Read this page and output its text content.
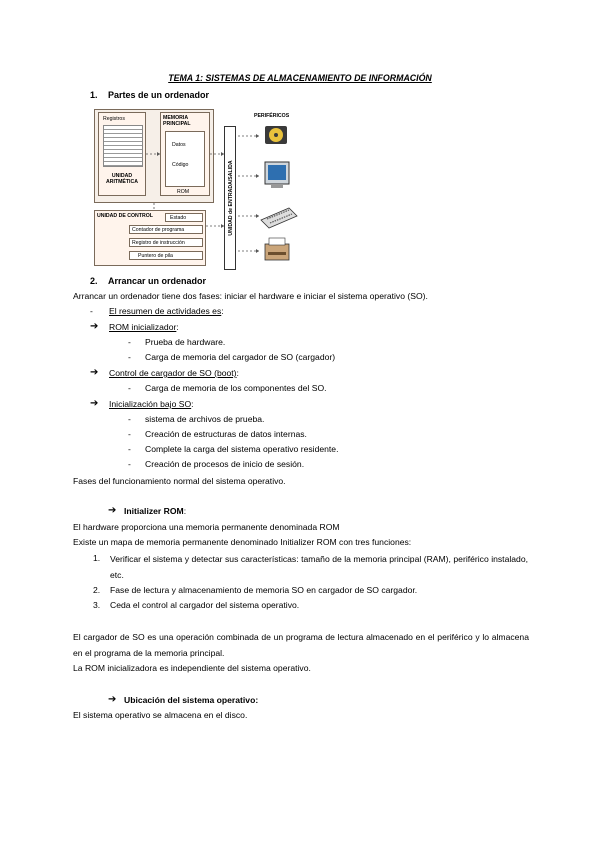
TEMA 1: SISTEMAS DE ALMACENAMIENTO DE INFORMACIÓN
1. Partes de un ordenador
Registros
UNIDAD ARITMÉTICA
MEMORIA PRINCIPAL
Datos
Código
ROM
UNIDAD DE CONTROL	Estado
Contador de programa
Registro de instrucción
Puntero de pila
UNIDAD de ENTRADA/SALIDA
PERIFÉRICOS
2. Arrancar un ordenador
Arrancar un ordenador tiene dos fases: iniciar el hardware e iniciar el sistema operativo (SO).
- El resumen de actividades es:
➔ ROM inicializador:
- Prueba de hardware.
- Carga de memoria del cargador de SO (cargador)
➔ Control de cargador de SO (boot):
- Carga de memoria de los componentes del SO.
➔ Inicialización bajo SO:
- sistema de archivos de prueba.
- Creación de estructuras de datos internas.
- Complete la carga del sistema operativo residente.
- Creación de procesos de inicio de sesión.
Fases del funcionamiento normal del sistema operativo.
➔ Initializer ROM:
El hardware proporciona una memoria permanente denominada ROM
Existe un mapa de memoria permanente denominado Initializer ROM con tres funciones:
1. Verificar el sistema y detectar sus características: tamaño de la memoria principal (RAM), periférico instalado, etc.
2. Fase de lectura y almacenamiento de memoria SO en cargador de SO cargador.
3. Ceda el control al cargador del sistema operativo.
El cargador de SO es una operación combinada de un programa de lectura almacenado en el periférico y lo almacena en el programa de la memoria principal.
La ROM inicializadora es independiente del sistema operativo.
➔ Ubicación del sistema operativo:
El sistema operativo se almacena en el disco.
